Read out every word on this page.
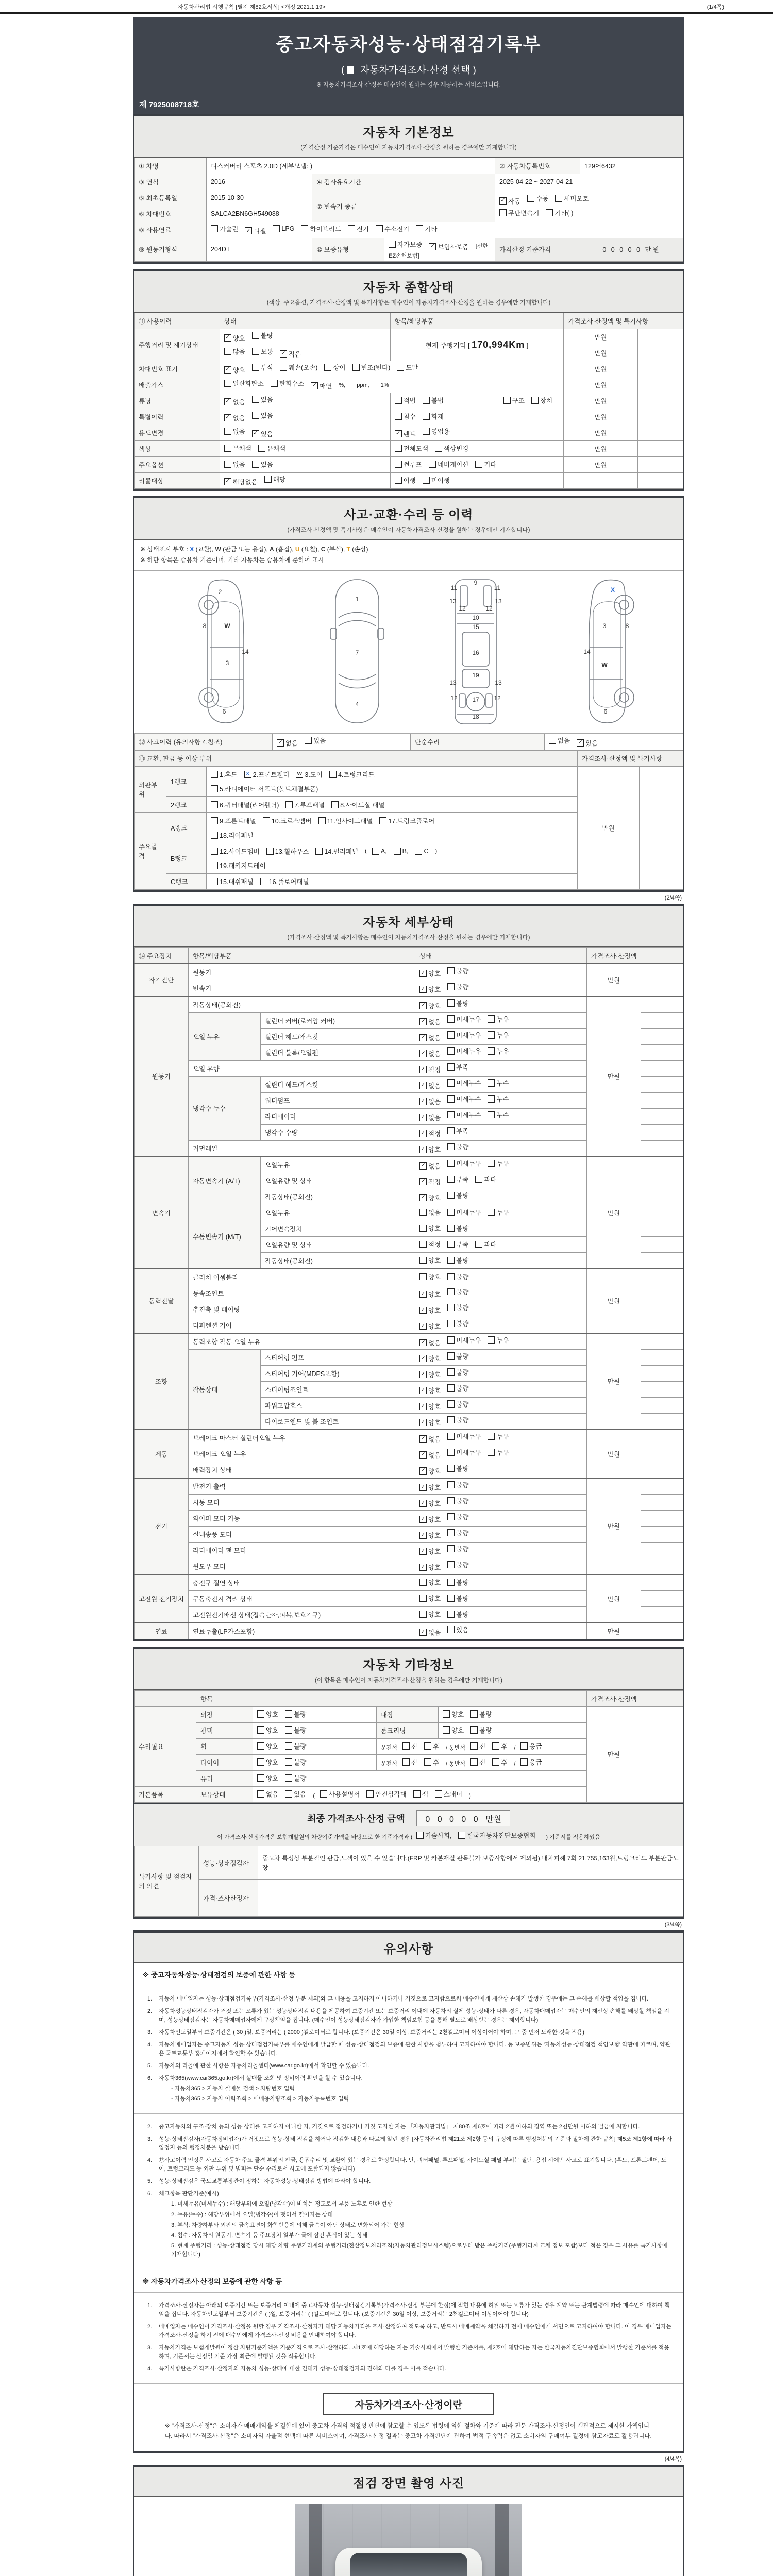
자동차관리법 시행규칙 [별지 제82호서식] <개정 2021.1.19>	(1/4쪽)
중고자동차성능·상태점검기록부
( 자동차가격조사·산정 선택 )
※ 자동차가격조사·산정은 매수인이 원하는 경우 제공하는 서비스입니다.
제 7925008718호
자동차 기본정보
(가격산정 기준가격은 매수인이 자동차가격조사·산정을 원하는 경우에만 기재합니다)
① 차명	디스커버리 스포츠 2.0D (세부모델: )			② 자동차등록번호	129어6432
③ 연식	2016	④ 검사유효기간		2025-04-22 ~ 2027-04-21	
⑤ 최초등록일	2015-10-30	⑦ 변속기 종류	
✓ 자동 수동 세미오토
무단변속기 기타( )

⑥ 차대번호	SALCA2BN6GH549088				
⑧ 사용연료	가솔린 ✓ 디젤 LPG 하이브리드 전기 수소전기 기타

⑨ 원동기형식	204DT	⑩ 보증유형	자가보증 ✓ 보험사보증 [신한EZ손해보험]	가격산정 기준가격	0 0 0 0 0 만원
자동차 종합상태
(색상, 주요옵션, 가격조사·산정액 및 특기사항은 매수인이 자동차가격조사·산정을 원하는 경우에만 기재합니다)
⑪ 사용이력	상태	항목/해당부품	가격조사·산정액 및 특기사항	
주행거리 및 계기상태	✓ 양호 불량	현재 주행거리 [ 170,994Km ]	만원	

	많음 보통 ✓ 적음		만원	
차대번호 표기	✓ 양호 부식 훼손(오손) 상이 변조(변타) 도말	만원	
배출가스	일산화탄소 탄화수소 ✓ 매연 %,  ppm,  1%		만원	
튜닝	✓ 없음 있음	적법 불법 구조 장치	만원	
특별이력	✓ 없음 있음	침수 화재	만원	
용도변경	없음 ✓ 있음	✓ 렌트 영업용	만원	
색상	무채색 유채색	전체도색 색상변경	만원	
주요옵션	없음 있음	썬루프 네비게이션 기타	만원	
리콜대상	✓ 해당없음 해당	이행 미이행		

사고·교환·수리 등 이력
(가격조사·산정액 및 특기사항은 매수인이 자동차가격조사·산정을 원하는 경우에만 기재합니다)
※ 상태표시 부호 : X (교환), W (판금 또는 용접), A (흠집), U (요철), C (부식), T (손상)
※ 하단 항목은 승용차 기준이며, 기타 자동차는 승용차에 준하여 표시
2
8	W
14
3
6
1
7
4
9
11	11
13	13
12	12
10
15
16
19
13	13
12	12
17
18
X
3	8
14
W
6
⑫ 사고이력 (유의사항 4.참조)	✓ 없음 있음	단순수리	없음 ✓ 있음
⑬ 교환, 판금 등 이상 부위			가격조사·산정액 및 특기사항	
외판부위	1랭크	
1.후드 X 2.프론트휀더 W 3.도어 4.트렁크리드
5.라디에이터 서포트(볼트체결부품)
	만원	
	2랭크	6.쿼터패널(리어휀더) 7.루프패널 8.사이드실 패널		

주요골격	A랭크	9.프론트패널 10.크로스멤버 11.인사이드패널 17.트렁크플로어
18.리어패널		

B랭크	
12.사이드멤버 13.휠하우스 14.필러패널 ( A, B, C )
19.패키지트레이

	C랭크	15.대쉬패널 16.플로어패널		
(2/4쪽)
자동차 세부상태
(가격조사·산정액 및 특기사항은 매수인이 자동차가격조사·산정을 원하는 경우에만 기재합니다)
⑭ 주요장치	항목/해당부품		상태	가격조사·산정액	
자기진단	원동기		✓ 양호 불량	만원	
	변속기		✓ 양호 불량		

원동기	작동상태(공회전)		✓ 양호 불량	만원	
	오일 누유	실린더 커버(로커암 커버)	✓ 없음 미세누유 누유		

		실린더 헤드/개스킷	✓ 없음 미세누유 누유		

		실린더 블록/오일팬	✓ 없음 미세누유 누유		

	오일 유량		✓ 적정 부족		

	냉각수 누수	실린더 헤드/개스킷	✓ 없음 미세누수 누수		

		워터펌프	✓ 없음 미세누수 누수		

		라디에이터	✓ 없음 미세누수 누수		

		냉각수 수량	✓ 적정 부족		

	커먼레일		✓ 양호 불량		

변속기	자동변속기 (A/T)	오일누유	✓ 없음 미세누유 누유	만원	
		오일유량 및 상태	✓ 적정 부족 과다		

		작동상태(공회전)	✓ 양호 불량		

	수동변속기 (M/T)	오일누유	없음 미세누유 누유		

		기어변속장치	양호 불량		

		오일유량 및 상태	적정 부족 과다		

		작동상태(공회전)	양호 불량		

동력전달	클러치 어셈블리		양호 불량	만원	
	등속조인트		✓ 양호 불량		

	추진축 및 베어링		✓ 양호 불량		

	디퍼렌셜 기어		✓ 양호 불량		

조향	동력조향 작동 오일 누유		✓ 없음 미세누유 누유	만원	
	작동상태	스티어링 펌프	✓ 양호 불량		

		스티어링 기어(MDPS포함)	✓ 양호 불량		

		스티어링조인트	✓ 양호 불량		

		파워고압호스	✓ 양호 불량		

		타이로드엔드 및 볼 조인트	✓ 양호 불량		

제동	브레이크 마스터 실린더오일 누유		✓ 없음 미세누유 누유	만원	
	브레이크 오일 누유		✓ 없음 미세누유 누유		

	배력장치 상태		✓ 양호 불량		

전기	발전기 출력		✓ 양호 불량	만원	
	시동 모터		✓ 양호 불량		

	와이퍼 모터 기능		✓ 양호 불량		

	실내송풍 모터		✓ 양호 불량		

	라디에이터 팬 모터		✓ 양호 불량		

	윈도우 모터		✓ 양호 불량		

고전원 전기장치	충전구 절연 상태		양호 불량	만원	
	구동축전지 격리 상태		양호 불량		

	고전원전기배선 상태(접속단자,피복,보호기구)		양호 불량		

연료	연료누출(LP가스포함)		✓ 없음 있음	만원	
자동차 기타정보
(이 항목은 매수인이 자동차가격조사·산정을 원하는 경우에만 기재합니다)
	항목				가격조사·산정액	
수리필요	외장	양호 불량	내장	양호 불량	만원	
	광택	양호 불량	룸크리닝	양호 불량		

휠	양호 불량	운전석 전 후 / 동반석 전 후 / 응급

타이어	양호 불량	운전석 전 후 / 동반석 전 후 / 응급

	유리	양호 불량				

기본품목	보유상태	없음 있음 ( 사용설명서 안전삼각대 잭 스패너 )
최종 가격조사·산정 금액 0 0 0 0 0 만원
이 가격조사·산정가격은 보험개발원의 차량기준가액을 바탕으로 한 기준가격과 ( 기술사회, 한국자동차진단보증협회 ) 기준서를 적용하였음
특기사항 및 점검자의 의견	성능·상태점검자	중고차 특성상 부분적인 판금,도색이 있을 수 있습니다.(FRP 및 카본재질 판독불가 보증사항에서 제외됨),내차피해 7회 21,755,163원,트렁크리드 부분판금도장
	가격·조사산정자	
(3/4쪽)
유의사항
※ 중고자동차성능·상태점검의 보증에 관한 사항 등
1.	자동차 매매업자는 성능·상태점검기록부(가격조사·산정 부분 제외)와 그 내용을 고지하지 아니하거나 거짓으로 고지함으로써 매수인에게 재산상 손해가 발생한 경우에는 그 손해를 배상할 책임을 집니다.
2.	자동차성능상태점검자가 거짓 또는 오류가 있는 성능상태점검 내용을 제공하여 보증기간 또는 보증거리 이내에 자동차의 실제 성능·상태가 다른 경우, 자동차매매업자는 매수인의 재산상 손해를 배상할 책임을 지며, 성능상태점검자는 자동차매매업자에게 구상책임을 집니다. (매수인이 성능상태점검자가 가입한 책임보험 등을 통해 별도로 배상받는 경우는 제외합니다)
3.	자동차인도일부터 보증기간은 ( 30 )일, 보증거리는 ( 2000 )킬로미터로 합니다. (보증기간은 30일 이상, 보증거리는 2천킬로미터 이상이어야 하며, 그 중 먼저 도래한 것을 적용)
4.	자동차매매업자는 중고자동차 성능·상태점검기록부를 매수인에게 발급할 때 성능·상태점검의 보증에 관한 사항을 첨부하여 고지하여야 합니다. 동 보증범위는 '자동차성능·상태점검 책임보험' 약관에 따르며, 약관은 국토교통부 홈페이지에서 확인할 수 있습니다.
5.	자동차의 리콜에 관한 사항은 자동차리콜센터(www.car.go.kr)에서 확인할 수 있습니다.
6.	자동차365(www.car365.go.kr)에서 실매물 조회 및 정비이력 확인을 할 수 있습니다.
- 자동차365 > 자동차 실매물 검색 > 차량번호 입력
- 자동차365 > 자동차 이력조회 > 매매용차량조회 > 자동차등록번호 입력
2.	중고자동차의 구조·장치 등의 성능·상태를 고지하지 아니한 자, 거짓으로 점검하거나 거짓 고지한 자는 「자동차관리법」 제80조 제6호에 따라 2년 이하의 징역 또는 2천만원 이하의 벌금에 처합니다.
3.	성능·상태점검자(자동차정비업자)가 거짓으로 성능·상태 점검을 하거나 점검한 내용과 다르게 알린 경우 [자동차관리법 제21조 제2항 등의 규정에 따른 행정처분의 기준과 절차에 관한 규칙] 제5조 제1항에 따라 사업정지 등의 행정처분을 받습니다.
4.	⑫사고이력 인정은 사고로 자동차 주요 골격 부위의 판금, 용접수리 및 교환이 있는 경우로 한정합니다. 단, 쿼터패널, 루프패널, 사이드실 패널 부위는 절단, 용접 시에만 사고로 표기합니다. (후드, 프론트펜더, 도어, 트렁크리드 등 외판 부위 및 범퍼는 단순 수리로서 사고에 포함되지 않습니다)
5.	성능·상태점검은 국토교통부장관이 정하는 자동차성능·상태점검 방법에 따라야 합니다.
6.	체크항목 판단기준(예시)
1. 미세누유(미세누수) : 해당부위에 오일(냉각수)이 비치는 정도로서 부품 노후로 인한 현상
2. 누유(누수) : 해당부위에서 오일(냉각수)이 맺혀서 떨어지는 상태
3. 부식: 차량하부와 외판의 금속표면이 화학반응에 의해 금속이 아닌 상태로 변화되어 가는 현상
4. 침수: 자동차의 원동기, 변속기 등 주요장치 일부가 물에 잠긴 흔적이 있는 상태
5. 현재 주행거리 : 성능·상태점검 당시 해당 차량 주행거리계의 주행거리(전산정보처리조직(자동차관리정보시스템)으로부터 받은 주행거리(주행거리계 교체 정보 포함)보다 적은 경우 그 사유를 특기사항에 기재합니다)
※ 자동차가격조사·산정의 보증에 관한 사항 등
1.	가격조사·산정자는 아래의 보증기간 또는 보증거리 이내에 중고자동차 성능·상태점검기록부(가격조사·산정 부분에 한정)에 적힌 내용에 허위 또는 오류가 있는 경우 계약 또는 관계법령에 따라 매수인에 대하여 책임을 집니다. 자동차인도일부터 보증기간은 ( )일, 보증거리는 ( )킬로미터로 합니다. (보증기간은 30일 이상, 보증거리는 2천킬로미터 이상이어야 합니다)
2.	매매업자는 매수인이 가격조사·산정을 원할 경우 가격조사·산정자가 해당 자동차가격을 조사·산정하여 적도록 하고, 반드시 매매계약을 체결하기 전에 매수인에게 서면으로 고지하여야 합니다. 이 경우 매매업자는 가격조사·산정을 하기 전에 매수인에게 가격조사·산정 비용을 안내하여야 합니다.
3.	자동차가격은 보험개발원이 정한 차량기준가액을 기준가격으로 조사·산정하되, 제1호에 해당하는 자는 기술사회에서 발행한 기준서를, 제2호에 해당하는 자는 한국자동차진단보증협회에서 발행한 기준서를 적용하며, 기준서는 산정일 기준 가장 최근에 발행된 것을 적용합니다.
4.	특기사항란은 가격조사·산정자의 자동차 성능·상태에 대한 견해가 성능·상태점검자의 견해와 다를 경우 이를 적습니다.
자동차가격조사·산정이란
※ "가격조사·산정"은 소비자가 매매계약을 체결함에 있어 중고차 가격의 적절성 판단에 참고할 수 있도록 법령에 의한 절차와 기준에 따라 전문 가격조사·산정인이 객관적으로 제시한 가액입니다. 따라서 "가격조사·산정"은 소비자의 자율적 선택에 따른 서비스이며, 가격조사·산정 결과는 중고차 가격판단에 관하여 법적 구속력은 없고 소비자의 구매여부 결정에 참고자료로 활용됩니다.
(4/4쪽)
점검 장면 촬영 사진
